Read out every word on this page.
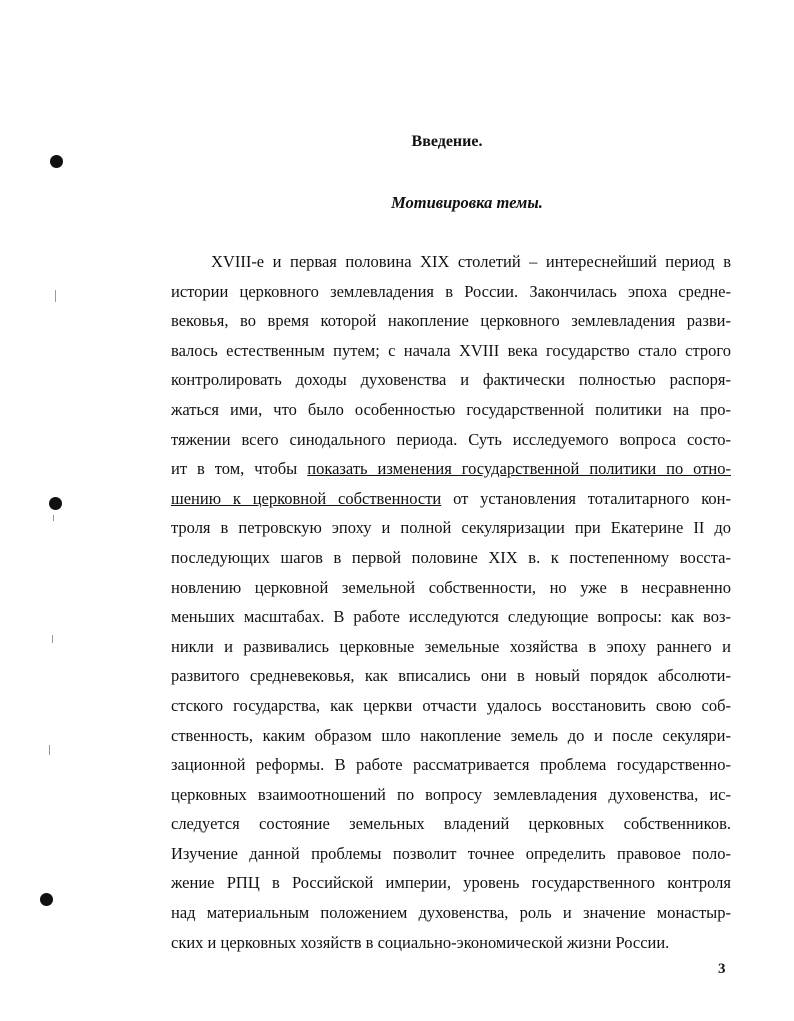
Введение.
Мотивировка темы.
XVIII-е и первая половина XIX столетий – интереснейший период в
истории церковного землевладения в России. Закончилась эпоха средне-
вековья, во время которой накопление церковного землевладения разви-
валось естественным путем; с начала XVIII века государство стало строго
контролировать доходы духовенства и фактически полностью распоря-
жаться ими, что было особенностью государственной политики на про-
тяжении всего синодального периода. Суть исследуемого вопроса состо-
ит в том, чтобы показать изменения государственной политики по отно-
шению к церковной собственности от установления тоталитарного кон-
троля в петровскую эпоху и полной секуляризации при Екатерине II до
последующих шагов в первой половине XIX в. к постепенному восста-
новлению церковной земельной собственности, но уже в несравненно
меньших масштабах. В работе исследуются следующие вопросы: как воз-
никли и развивались церковные земельные хозяйства в эпоху раннего и
развитого средневековья, как вписались они в новый порядок абсолюти-
стского государства, как церкви отчасти удалось восстановить свою соб-
ственность, каким образом шло накопление земель до и после секуляри-
зационной реформы. В работе рассматривается проблема государственно-
церковных взаимоотношений по вопросу землевладения духовенства, ис-
следуется состояние земельных владений церковных собственников.
Изучение данной проблемы позволит точнее определить правовое поло-
жение РПЦ в Российской империи, уровень государственного контроля
над материальным положением духовенства, роль и значение монастыр-
ских и церковных хозяйств в социально-экономической жизни России.
3
